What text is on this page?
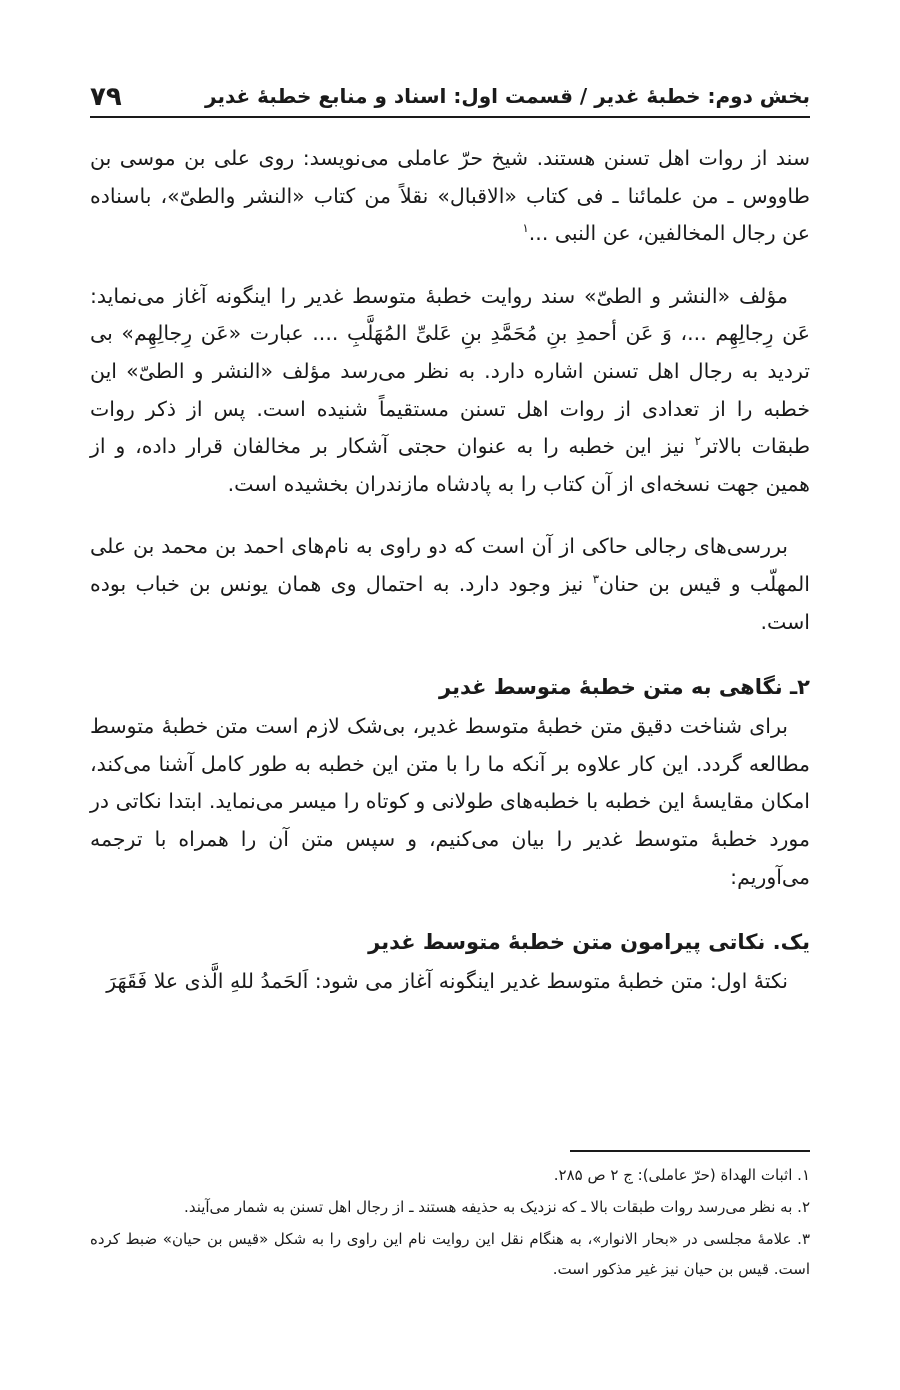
بخش دوم: خطبهٔ غدیر / قسمت اول: اسناد و منابع خطبهٔ غدیر
۷۹

سند از روات اهل تسنن هستند. شیخ حرّ عاملی می‌نویسد: روی علی بن موسی بن طاووس ـ من علمائنا ـ فی کتاب «الاقبال» نقلاً من کتاب «النشر والطیّ»، باسناده عن رجال المخالفین، عن النبی ...$^۱$

مؤلف «النشر و الطیّ» سند روایت خطبهٔ متوسط غدیر را اینگونه آغاز می‌نماید: عَن رِجالِهِم ...، وَ عَن أحمدِ بنِ مُحَمَّدِ بنِ عَلیِّ المُهَلَّبِ .... عبارت «عَن رِجالِهِم» بی تردید به رجال اهل تسنن اشاره دارد. به نظر می‌رسد مؤلف «النشر و الطیّ» این خطبه را از تعدادی از روات اهل تسنن مستقیماً شنیده است. پس از ذکر روات طبقات بالاتر$^۲$ نیز این خطبه را به عنوان حجتی آشکار بر مخالفان قرار داده، و از همین جهت نسخه‌ای از آن کتاب را به پادشاه مازندران بخشیده است.

بررسی‌های رجالی حاکی از آن است که دو راوی به نام‌های احمد بن محمد بن علی المهلّب و قیس بن حنان$^۳$ نیز وجود دارد. به احتمال وی همان یونس بن خباب بوده است.

۲ـ نگاهی به متن خطبهٔ متوسط غدیر

برای شناخت دقیق متن خطبهٔ متوسط غدیر، بی‌شک لازم است متن خطبهٔ متوسط مطالعه گردد. این کار علاوه بر آنکه ما را با متن این خطبه به طور کامل آشنا می‌کند، امکان مقایسهٔ این خطبه با خطبه‌های طولانی و کوتاه را میسر می‌نماید. ابتدا نکاتی در مورد خطبهٔ متوسط غدیر را بیان می‌کنیم، و سپس متن آن را همراه با ترجمه می‌آوریم:

یک. نکاتی پیرامون متن خطبهٔ متوسط غدیر

نکتهٔ اول: متن خطبهٔ متوسط غدیر اینگونه آغاز می شود: اَلحَمدُ للهِ الَّذی علا فَقَهَرَ

۱. اثبات الهداة (حرّ عاملی): ج ۲ ص ۲۸۵.
۲. به نظر می‌رسد روات طبقات بالا ـ که نزدیک به حذیفه هستند ـ از رجال اهل تسنن به شمار می‌آیند.
۳. علامهٔ مجلسی در «بحار الانوار»، به هنگام نقل این روایت نام این راوی را به شکل «قیس بن حیان» ضبط کرده است. قیس بن حیان نیز غیر مذکور است.
